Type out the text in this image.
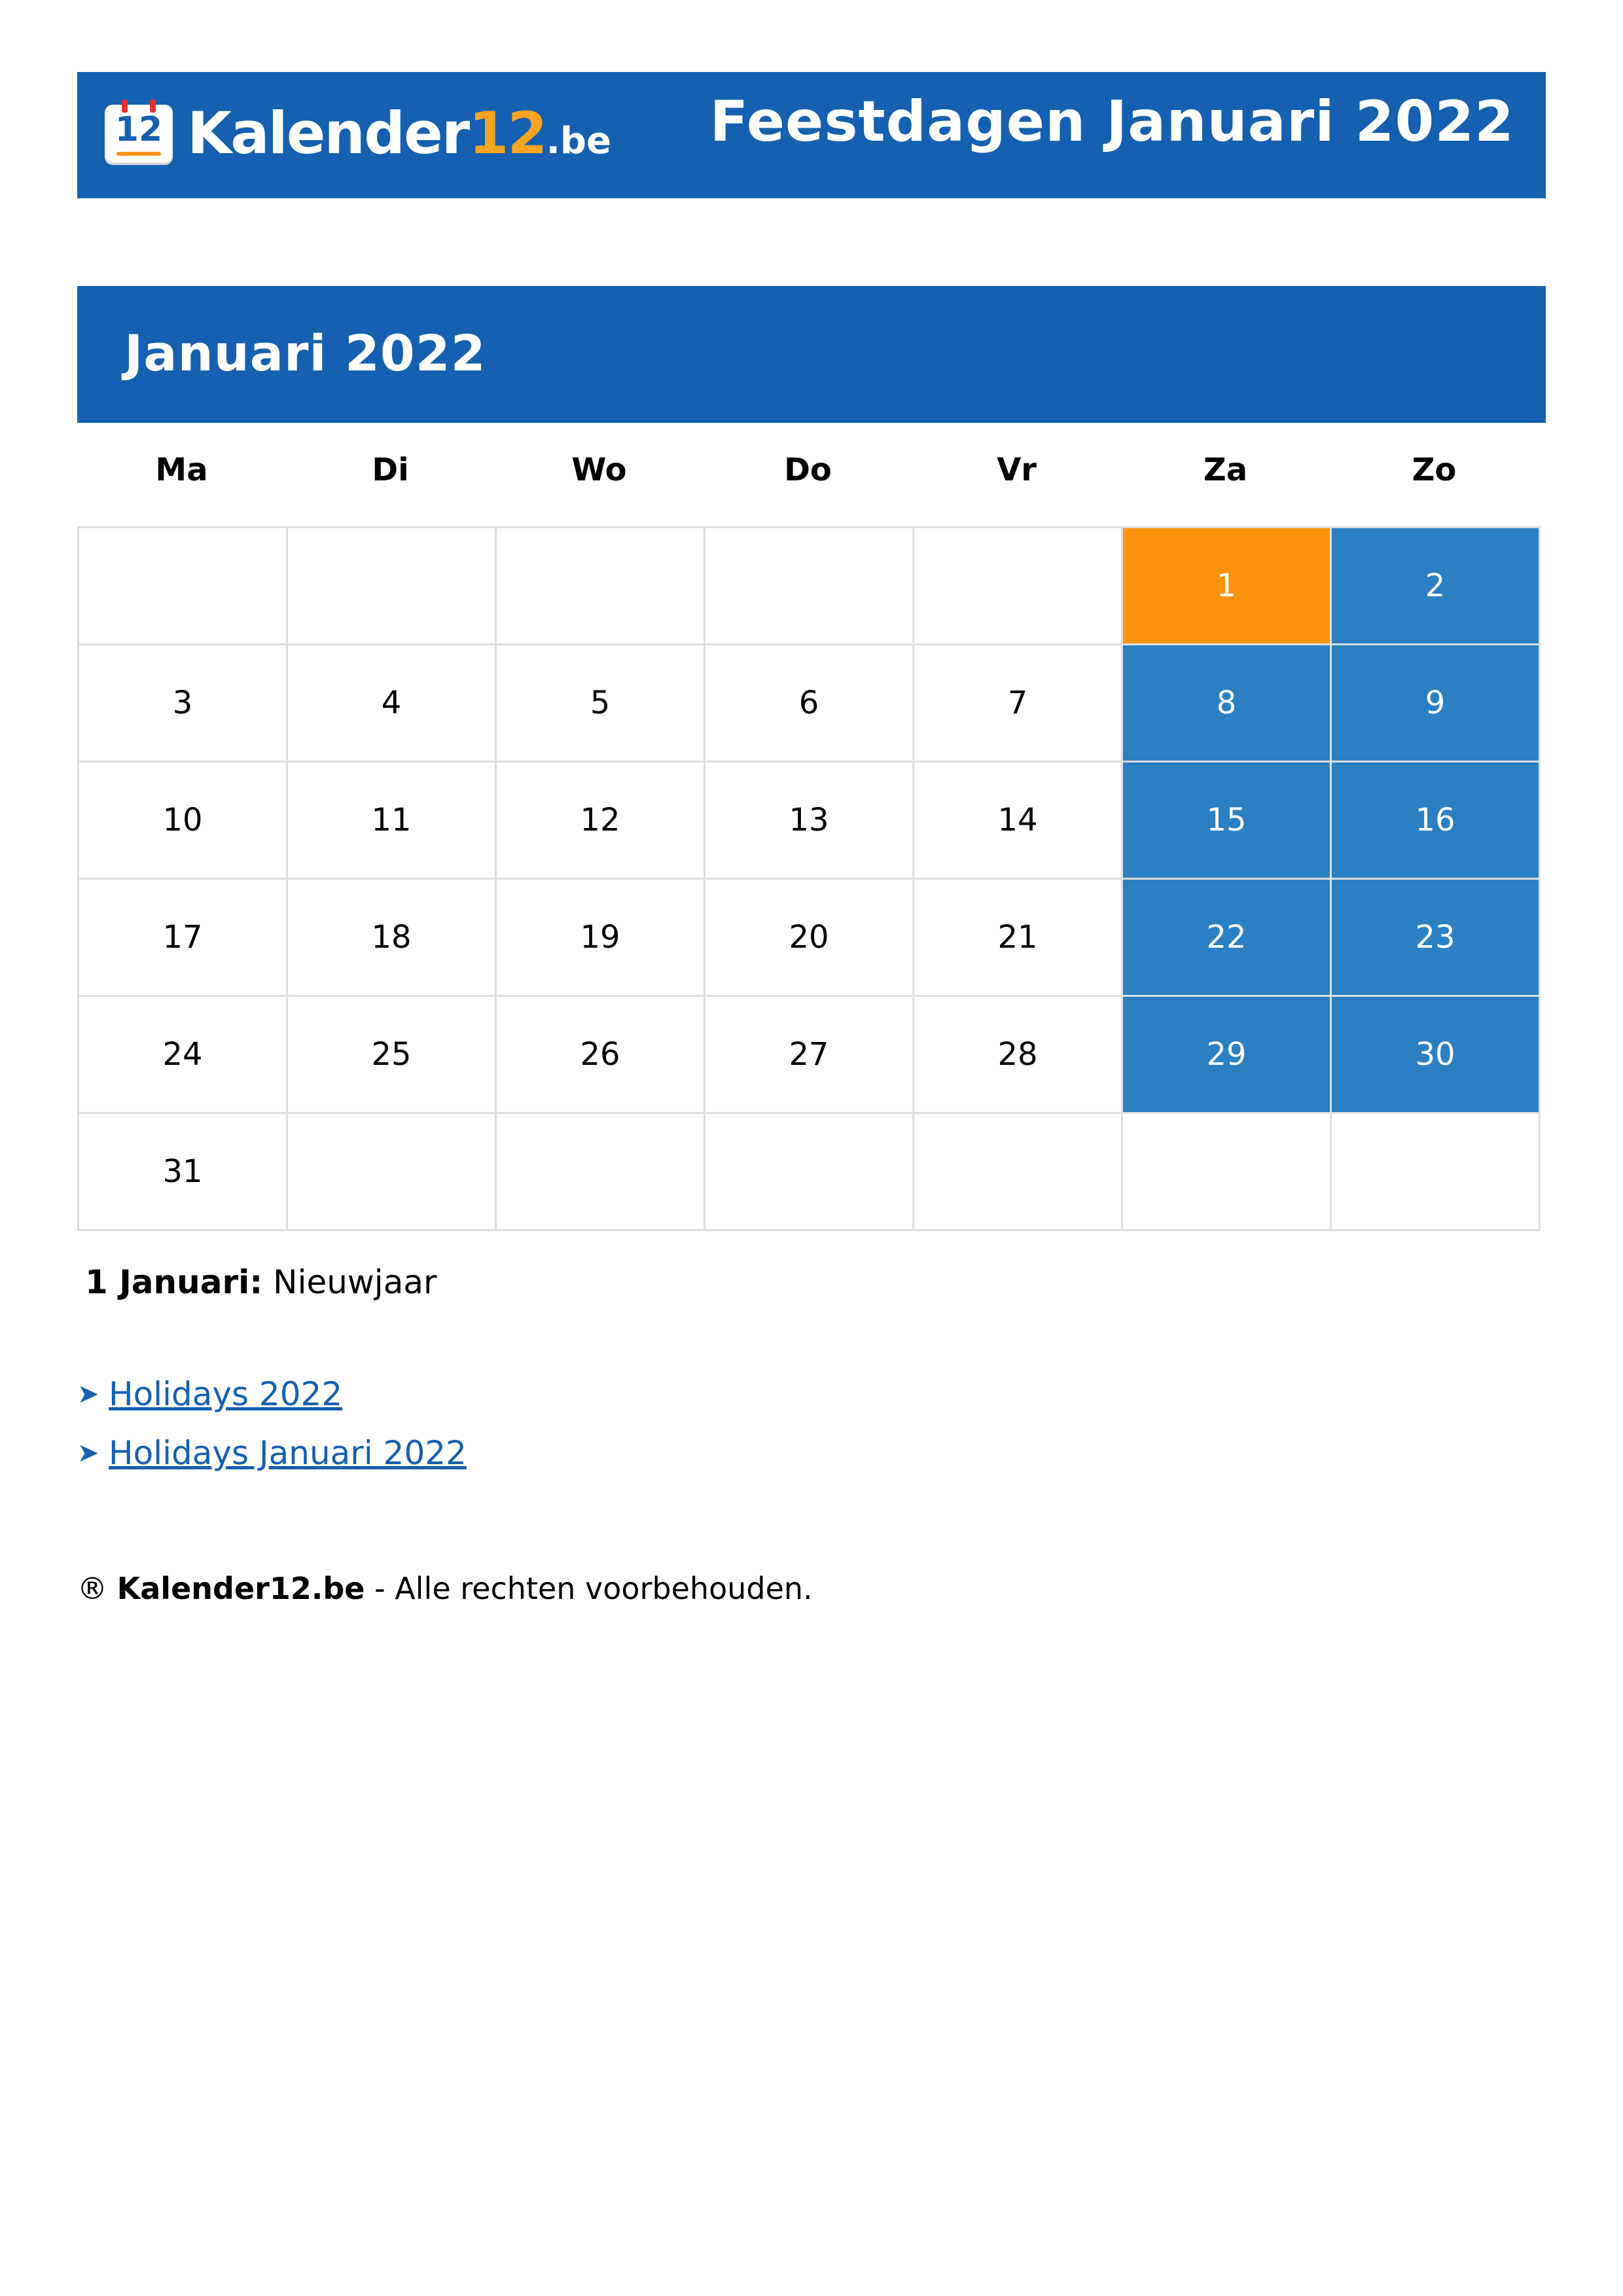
12 Kalender12.be Feestdagen Januari 2022
Januari 2022
Ma	Di	Wo	Do	Vr	Za	Zo
					1	2
3	4	5	6	7	8	9
10	11	12	13	14	15	16
17	18	19	20	21	22	23
24	25	26	27	28	29	30
31						
1 Januari: Nieuwjaar
➤ Holidays 2022
➤ Holidays Januari 2022
® Kalender12.be - Alle rechten voorbehouden.
